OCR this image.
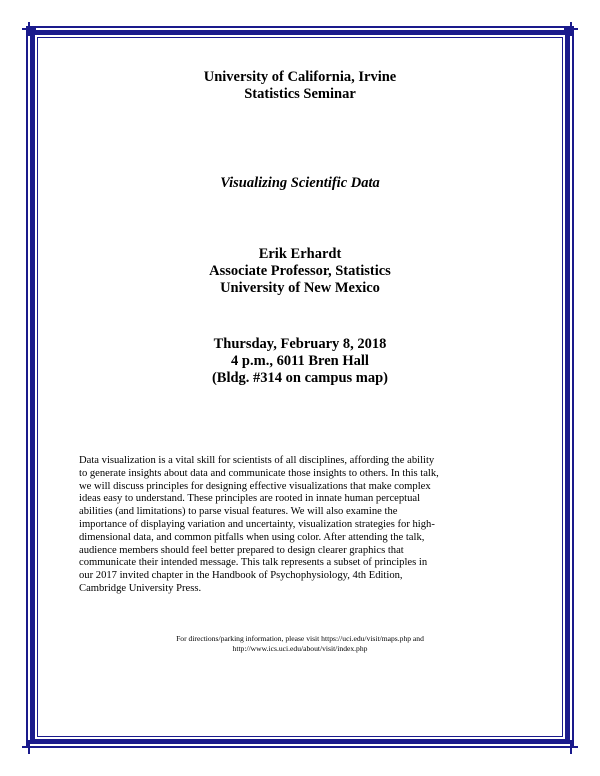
University of California, Irvine
Statistics Seminar
Visualizing Scientific Data
Erik Erhardt
Associate Professor, Statistics
University of New Mexico
Thursday, February 8, 2018
4 p.m., 6011 Bren Hall
(Bldg. #314 on campus map)
Data visualization is a vital skill for scientists of all disciplines, affording the ability
to generate insights about data and communicate those insights to others. In this talk,
we will discuss principles for designing effective visualizations that make complex
ideas easy to understand. These principles are rooted in innate human perceptual
abilities (and limitations) to parse visual features. We will also examine the
importance of displaying variation and uncertainty, visualization strategies for high-
dimensional data, and common pitfalls when using color. After attending the talk,
audience members should feel better prepared to design clearer graphics that
communicate their intended message. This talk represents a subset of principles in
our 2017 invited chapter in the Handbook of Psychophysiology, 4th Edition,
Cambridge University Press.
For directions/parking information, please visit https://uci.edu/visit/maps.php and
http://www.ics.uci.edu/about/visit/index.php
